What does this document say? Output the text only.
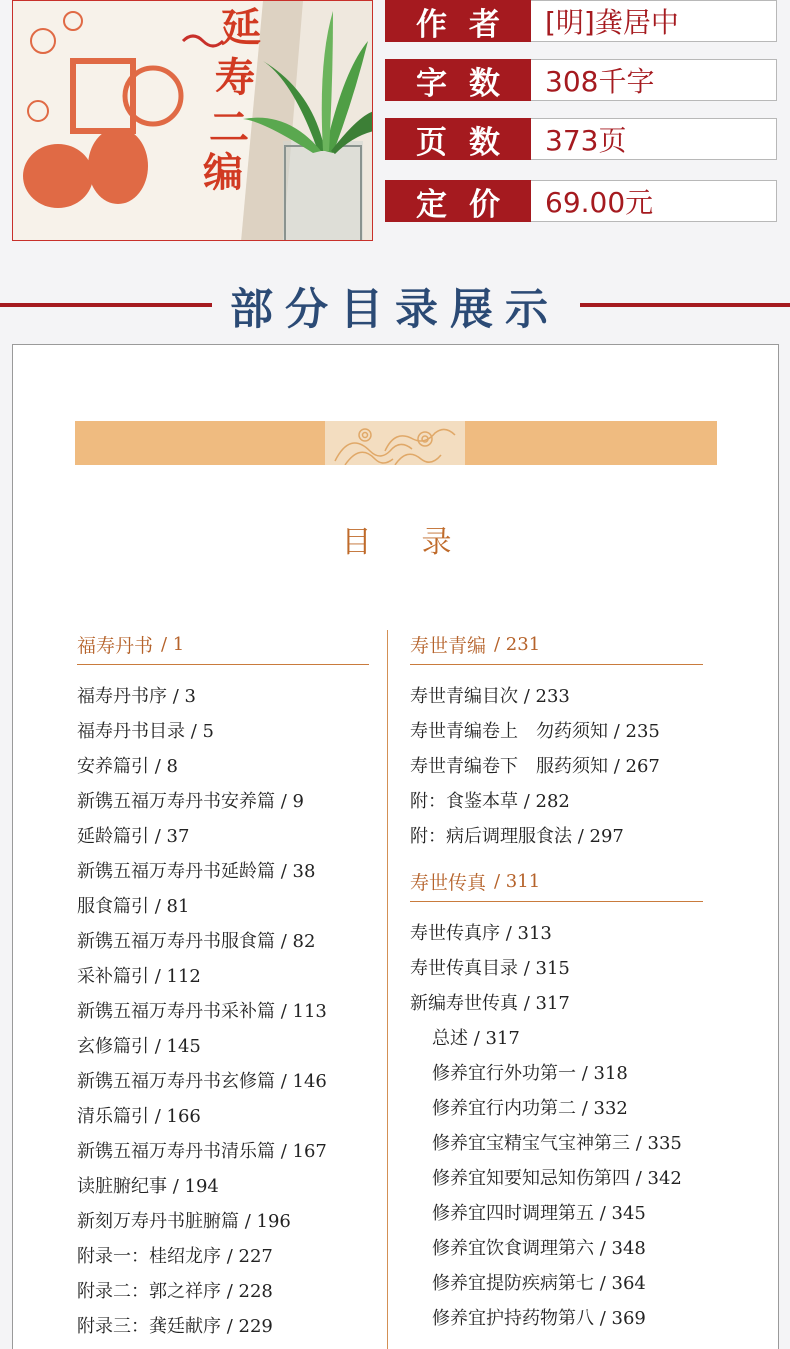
延
寿
二
编
作者 [明]龚居中
字数 308千字
页数 373页
定价 69.00元
部分目录展示
目录
福寿丹书 / 1
福寿丹书序 / 3
福寿丹书目录 / 5
安养篇引 / 8
新镌五福万寿丹书安养篇 / 9
延龄篇引 / 37
新镌五福万寿丹书延龄篇 / 38
服食篇引 / 81
新镌五福万寿丹书服食篇 / 82
采补篇引 / 112
新镌五福万寿丹书采补篇 / 113
玄修篇引 / 145
新镌五福万寿丹书玄修篇 / 146
清乐篇引 / 166
新镌五福万寿丹书清乐篇 / 167
读脏腑纪事 / 194
新刻万寿丹书脏腑篇 / 196
附录一：桂绍龙序 / 227
附录二：郭之祥序 / 228
附录三：龚廷献序 / 229
寿世青编 / 231
寿世青编目次 / 233
寿世青编卷上　勿药须知 / 235
寿世青编卷下　服药须知 / 267
附：食鉴本草 / 282
附：病后调理服食法 / 297
寿世传真 / 311
寿世传真序 / 313
寿世传真目录 / 315
新编寿世传真 / 317
总述 / 317
修养宜行外功第一 / 318
修养宜行内功第二 / 332
修养宜宝精宝气宝神第三 / 335
修养宜知要知忌知伤第四 / 342
修养宜四时调理第五 / 345
修养宜饮食调理第六 / 348
修养宜提防疾病第七 / 364
修养宜护持药物第八 / 369
